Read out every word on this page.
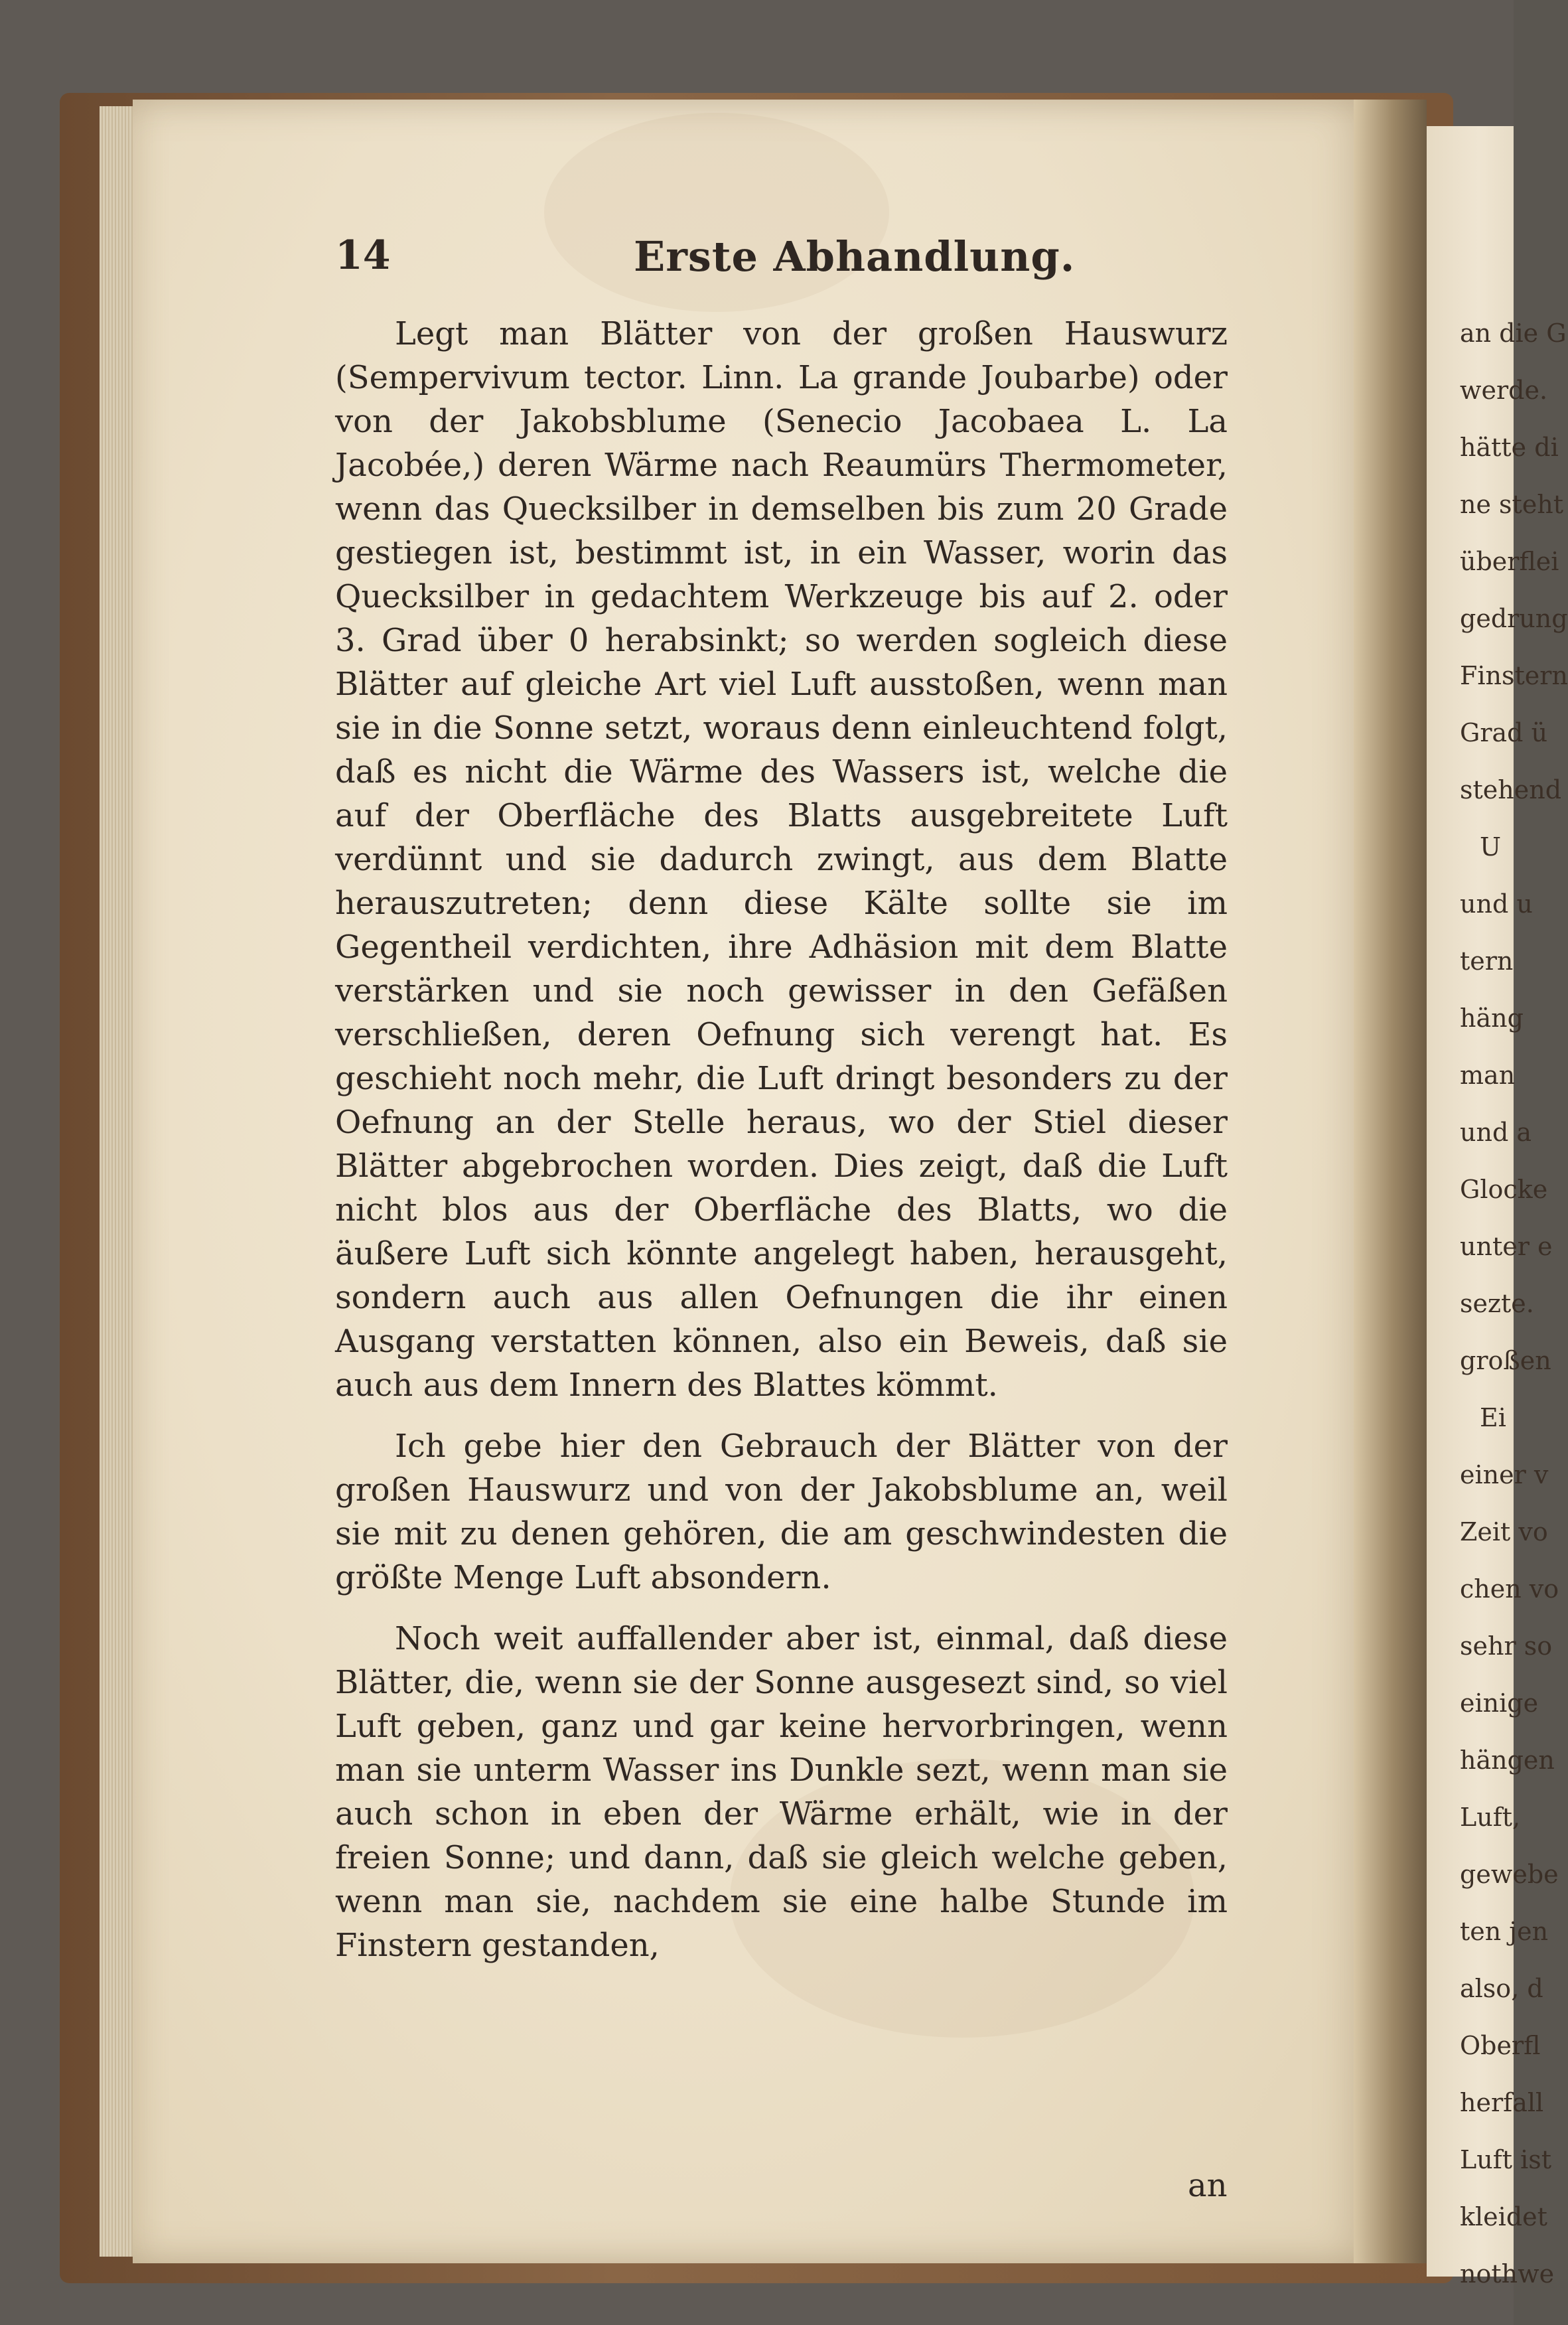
an die G
werde.
hätte di
ne steht
überflei
gedrung
Finstern
Grad ü
stehend
U
und u
tern
häng
man
und a
Glocke
unter e
sezte.
großen
Ei
einer v
Zeit vo
chen vo
sehr so
einige
hängen
Luft,
gewebe
ten jen
also, d
Oberfl
herfall
Luft ist
kleidet
nothwe
14	Erste Abhandlung.

Legt man Blätter von der großen Hauswurz (Sempervivum tector. Linn. La grande Joubarbe) oder von der Jakobsblume (Senecio Jacobaea L. La Jacobée,) deren Wärme nach Reaumürs Thermometer, wenn das Quecksilber in demselben bis zum 20 Grade gestiegen ist, bestimmt ist, in ein Wasser, worin das Quecksilber in gedachtem Werkzeuge bis auf 2. oder 3. Grad über 0 herabsinkt; so werden sogleich diese Blätter auf gleiche Art viel Luft ausstoßen, wenn man sie in die Sonne setzt, woraus denn einleuchtend folgt, daß es nicht die Wärme des Wassers ist, welche die auf der Oberfläche des Blatts ausgebreitete Luft verdünnt und sie dadurch zwingt, aus dem Blatte herauszutreten; denn diese Kälte sollte sie im Gegentheil verdichten, ihre Adhäsion mit dem Blatte verstärken und sie noch gewisser in den Gefäßen verschließen, deren Oefnung sich verengt hat. Es geschieht noch mehr, die Luft dringt besonders zu der Oefnung an der Stelle heraus, wo der Stiel dieser Blätter abgebrochen worden. Dies zeigt, daß die Luft nicht blos aus der Oberfläche des Blatts, wo die äußere Luft sich könnte angelegt haben, herausgeht, sondern auch aus allen Oefnungen die ihr einen Ausgang verstatten können, also ein Beweis, daß sie auch aus dem Innern des Blattes kömmt.

Ich gebe hier den Gebrauch der Blätter von der großen Hauswurz und von der Jakobsblume an, weil sie mit zu denen gehören, die am geschwindesten die größte Menge Luft absondern.

Noch weit auffallender aber ist, einmal, daß diese Blätter, die, wenn sie der Sonne ausgesezt sind, so viel Luft geben, ganz und gar keine hervorbringen, wenn man sie unterm Wasser ins Dunkle sezt, wenn man sie auch schon in eben der Wärme erhält, wie in der freien Sonne; und dann, daß sie gleich welche geben, wenn man sie, nachdem sie eine halbe Stunde im Finstern gestanden,

an
